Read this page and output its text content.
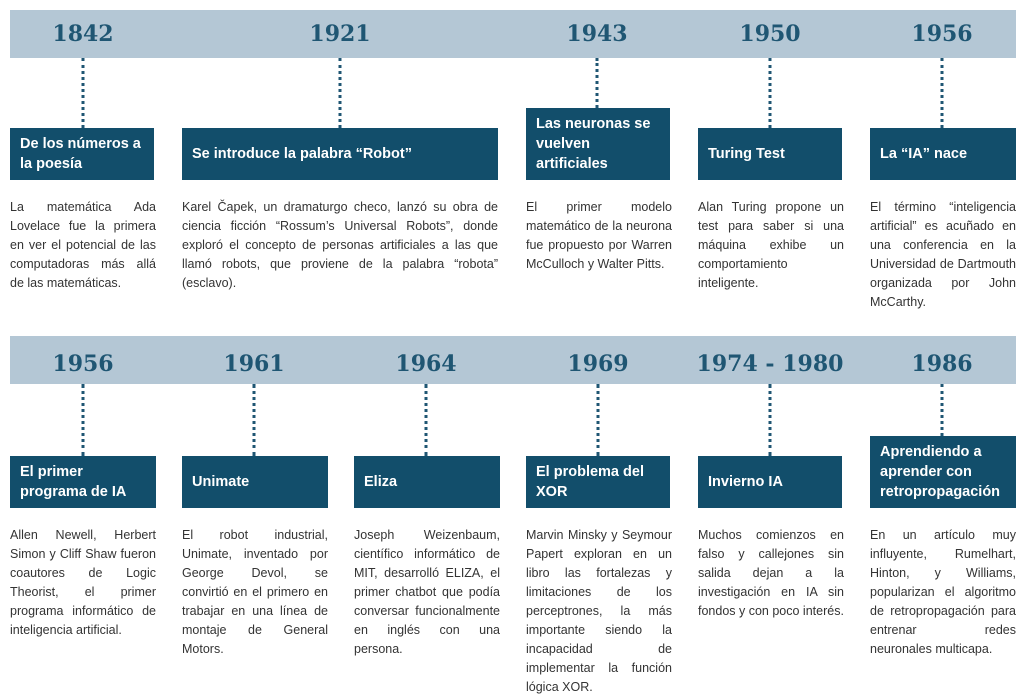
1842
De los números a la poesía
La matemática Ada Lovelace fue la primera en ver el potencial de las computadoras más allá de las matemáticas.
1921
Se introduce la palabra “Robot”
Karel Čapek, un dramaturgo checo, lanzó su obra de ciencia ficción “Rossum’s Universal Robots”, donde exploró el concepto de personas artificiales a las que llamó robots, que proviene de la palabra “robota” (esclavo).
1943
Las neuronas se vuelven artificiales
El primer modelo matemático de la neurona fue propuesto por Warren McCulloch y Walter Pitts.
1950
Turing Test
Alan Turing propone un test para saber si una máquina exhibe un comportamiento inteligente.
1956
La “IA” nace
El término “inteligencia artificial” es acuñado en una conferencia en la Universidad de Dartmouth organizada por John McCarthy.
1956
El primer programa de IA
Allen Newell, Herbert Simon y Cliff Shaw fueron coautores de Logic Theorist, el primer programa informático de inteligencia artificial.
1961
Unimate
El robot industrial, Unimate, inventado por George Devol, se convirtió en el primero en trabajar en una línea de montaje de General Motors.
1964
Eliza
Joseph Weizenbaum, científico informático de MIT, desarrolló ELIZA, el primer chatbot que podía conversar funcionalmente en inglés con una persona.
1969
El problema del XOR
Marvin Minsky y Seymour Papert exploran en un libro las fortalezas y limitaciones de los perceptrones, la más importante siendo la incapacidad de implementar la función lógica XOR.
1974 - 1980
Invierno IA
Muchos comienzos en falso y callejones sin salida dejan a la investigación en IA sin fondos y con poco interés.
1986
Aprendiendo a aprender con retropropagación
En un artículo muy influyente, Rumelhart, Hinton, y Williams, popularizan el algoritmo de retropropagación para entrenar redes neuronales multicapa.
